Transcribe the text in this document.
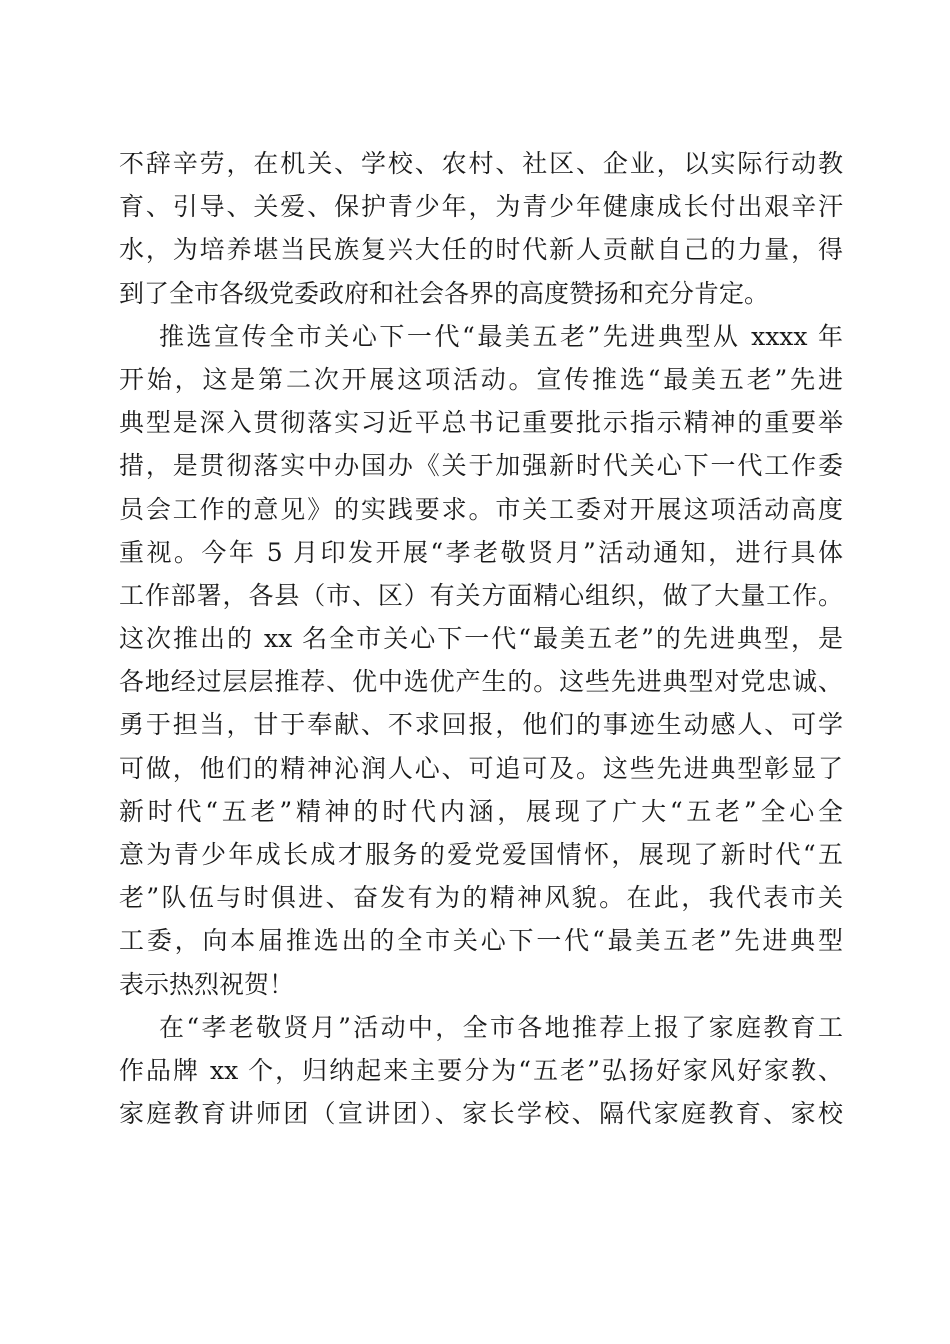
不辞辛劳，在机关、学校、农村、社区、企业，以实际行动教
育、引导、关爱、保护青少年，为青少年健康成长付出艰辛汗
水，为培养堪当民族复兴大任的时代新人贡献自己的力量，得
到了全市各级党委政府和社会各界的高度赞扬和充分肯定。
推选宣传全市关心下一代“最美五老”先进典型从 xxxx 年
开始，这是第二次开展这项活动。宣传推选“最美五老”先进
典型是深入贯彻落实习近平总书记重要批示指示精神的重要举
措，是贯彻落实中办国办《关于加强新时代关心下一代工作委
员会工作的意见》的实践要求。市关工委对开展这项活动高度
重视。今年 5 月印发开展“孝老敬贤月”活动通知，进行具体
工作部署，各县（市、区）有关方面精心组织，做了大量工作。
这次推出的 xx 名全市关心下一代“最美五老”的先进典型，是
各地经过层层推荐、优中选优产生的。这些先进典型对党忠诚、
勇于担当，甘于奉献、不求回报，他们的事迹生动感人、可学
可做，他们的精神沁润人心、可追可及。这些先进典型彰显了
新时代“五老”精神的时代内涵，展现了广大“五老”全心全
意为青少年成长成才服务的爱党爱国情怀，展现了新时代“五
老”队伍与时俱进、奋发有为的精神风貌。在此，我代表市关
工委，向本届推选出的全市关心下一代“最美五老”先进典型
表示热烈祝贺！
在“孝老敬贤月”活动中，全市各地推荐上报了家庭教育工
作品牌 xx 个，归纳起来主要分为“五老”弘扬好家风好家教、
家庭教育讲师团（宣讲团）、家长学校、隔代家庭教育、家校
